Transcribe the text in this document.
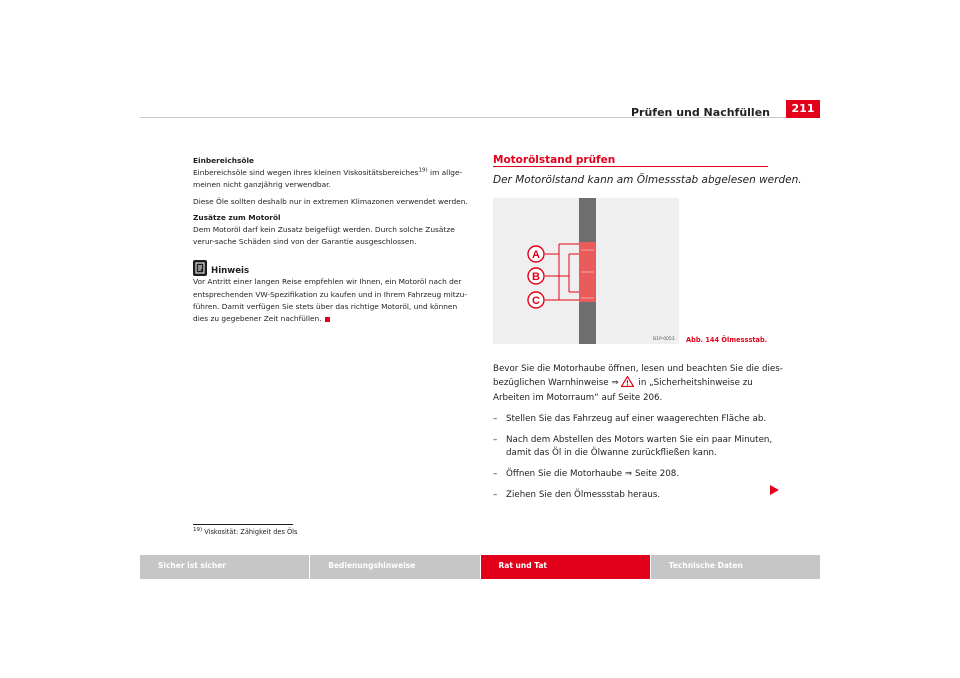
Prüfen und Nachfüllen	211

Einbereichsöle

Einbereichsöle sind wegen ihres kleinen Viskositätsbereiches$^{19)}$ im allge-meinen nicht ganzjährig verwendbar.

Diese Öle sollten deshalb nur in extremen Klimazonen verwendet werden.

Zusätze zum Motoröl

Dem Motoröl darf kein Zusatz beigefügt werden. Durch solche Zusätze verur-sache Schäden sind von der Garantie ausgeschlossen.

Hinweis

Vor Antritt einer langen Reise empfehlen wir Ihnen, ein Motoröl nach der entsprechenden VW-Spezifikation zu kaufen und in Ihrem Fahrzeug mitzu-führen. Damit verfügen Sie stets über das richtige Motoröl, und können dies zu gegebener Zeit nachfüllen.

$^{19)}$ Viskosität: Zähigkeit des Öls
Motorölstand prüfen
Der Motorölstand kann am Ölmessstab abgelesen werden.
A
B
C
B1P-0053 Abb. 144 Ölmessstab.

Bevor Sie die Motorhaube öffnen, lesen und beachten Sie die dies-bezüglichen Warnhinweise ⇒ in „Sicherheitshinweise zu Arbeiten im Motorraum“ auf Seite 206.

– Stellen Sie das Fahrzeug auf einer waagerechten Fläche ab.
– Nach dem Abstellen des Motors warten Sie ein paar Minuten, damit das Öl in die Ölwanne zurückfließen kann.
– Öffnen Sie die Motorhaube ⇒ Seite 208.
– Ziehen Sie den Ölmessstab heraus.
Sicher ist sicher	Bedienungshinweise	Rat und Tat	Technische Daten
